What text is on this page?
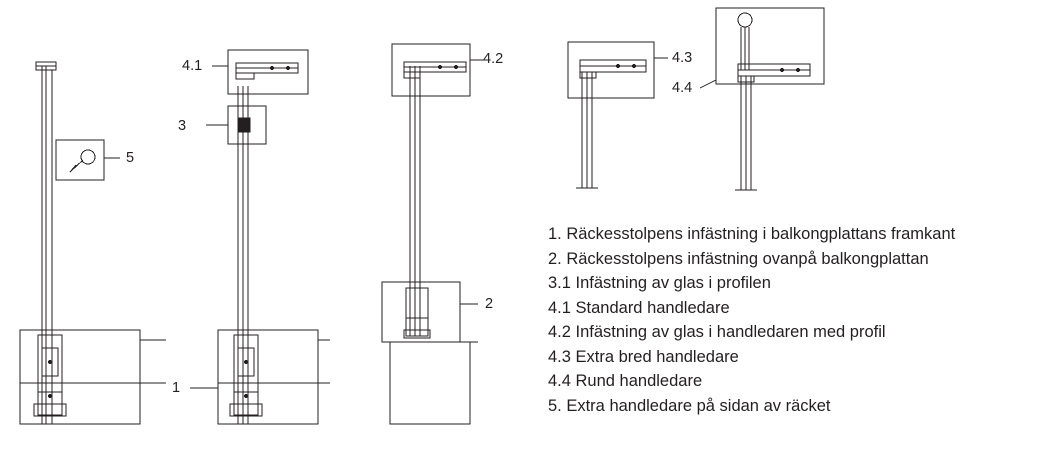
1
2
3
5
4.1	4.2	4.3
4.4
1. Räckesstolpens infästning i balkongplattans framkant
2. Räckesstolpens infästning ovanpå balkongplattan
3.1 Infästning av glas i profilen
4.1 Standard handledare
4.2 Infästning av glas i handledaren med profil
4.3 Extra bred handledare
4.4 Rund handledare
5. Extra handledare på sidan av räcket
